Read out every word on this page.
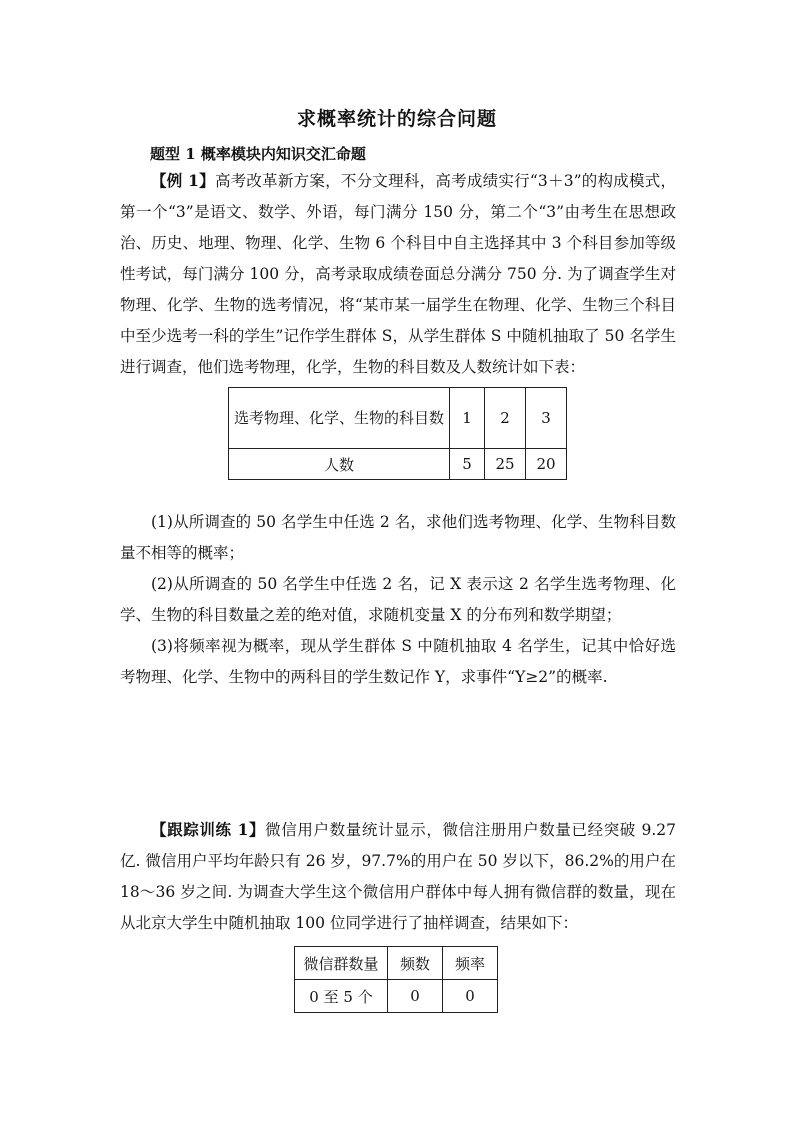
求概率统计的综合问题
题型 1 概率模块内知识交汇命题
【例 1】高考改革新方案，不分文理科，高考成绩实行“3＋3”的构成模式，第一个“3”是语文、数学、外语，每门满分 150 分，第二个“3”由考生在思想政治、历史、地理、物理、化学、生物 6 个科目中自主选择其中 3 个科目参加等级性考试，每门满分 100 分，高考录取成绩卷面总分满分 750 分. 为了调查学生对物理、化学、生物的选考情况，将“某市某一届学生在物理、化学、生物三个科目中至少选考一科的学生”记作学生群体 S，从学生群体 S 中随机抽取了 50 名学生进行调查，他们选考物理，化学，生物的科目数及人数统计如下表：
选考物理、化学、生物的科目数	1	2	3
人数	5	25	20
(1)从所调查的 50 名学生中任选 2 名，求他们选考物理、化学、生物科目数量不相等的概率；
(2)从所调查的 50 名学生中任选 2 名，记 X 表示这 2 名学生选考物理、化学、生物的科目数量之差的绝对值，求随机变量 X 的分布列和数学期望；
(3)将频率视为概率，现从学生群体 S 中随机抽取 4 名学生，记其中恰好选考物理、化学、生物中的两科目的学生数记作 Y，求事件“Y≥2”的概率.
【跟踪训练 1】微信用户数量统计显示，微信注册用户数量已经突破 9.27 亿. 微信用户平均年龄只有 26 岁，97.7%的用户在 50 岁以下，86.2%的用户在 18～36 岁之间. 为调查大学生这个微信用户群体中每人拥有微信群的数量，现在从北京大学生中随机抽取 100 位同学进行了抽样调查，结果如下：
微信群数量	频数	频率
0 至 5 个	0	0
